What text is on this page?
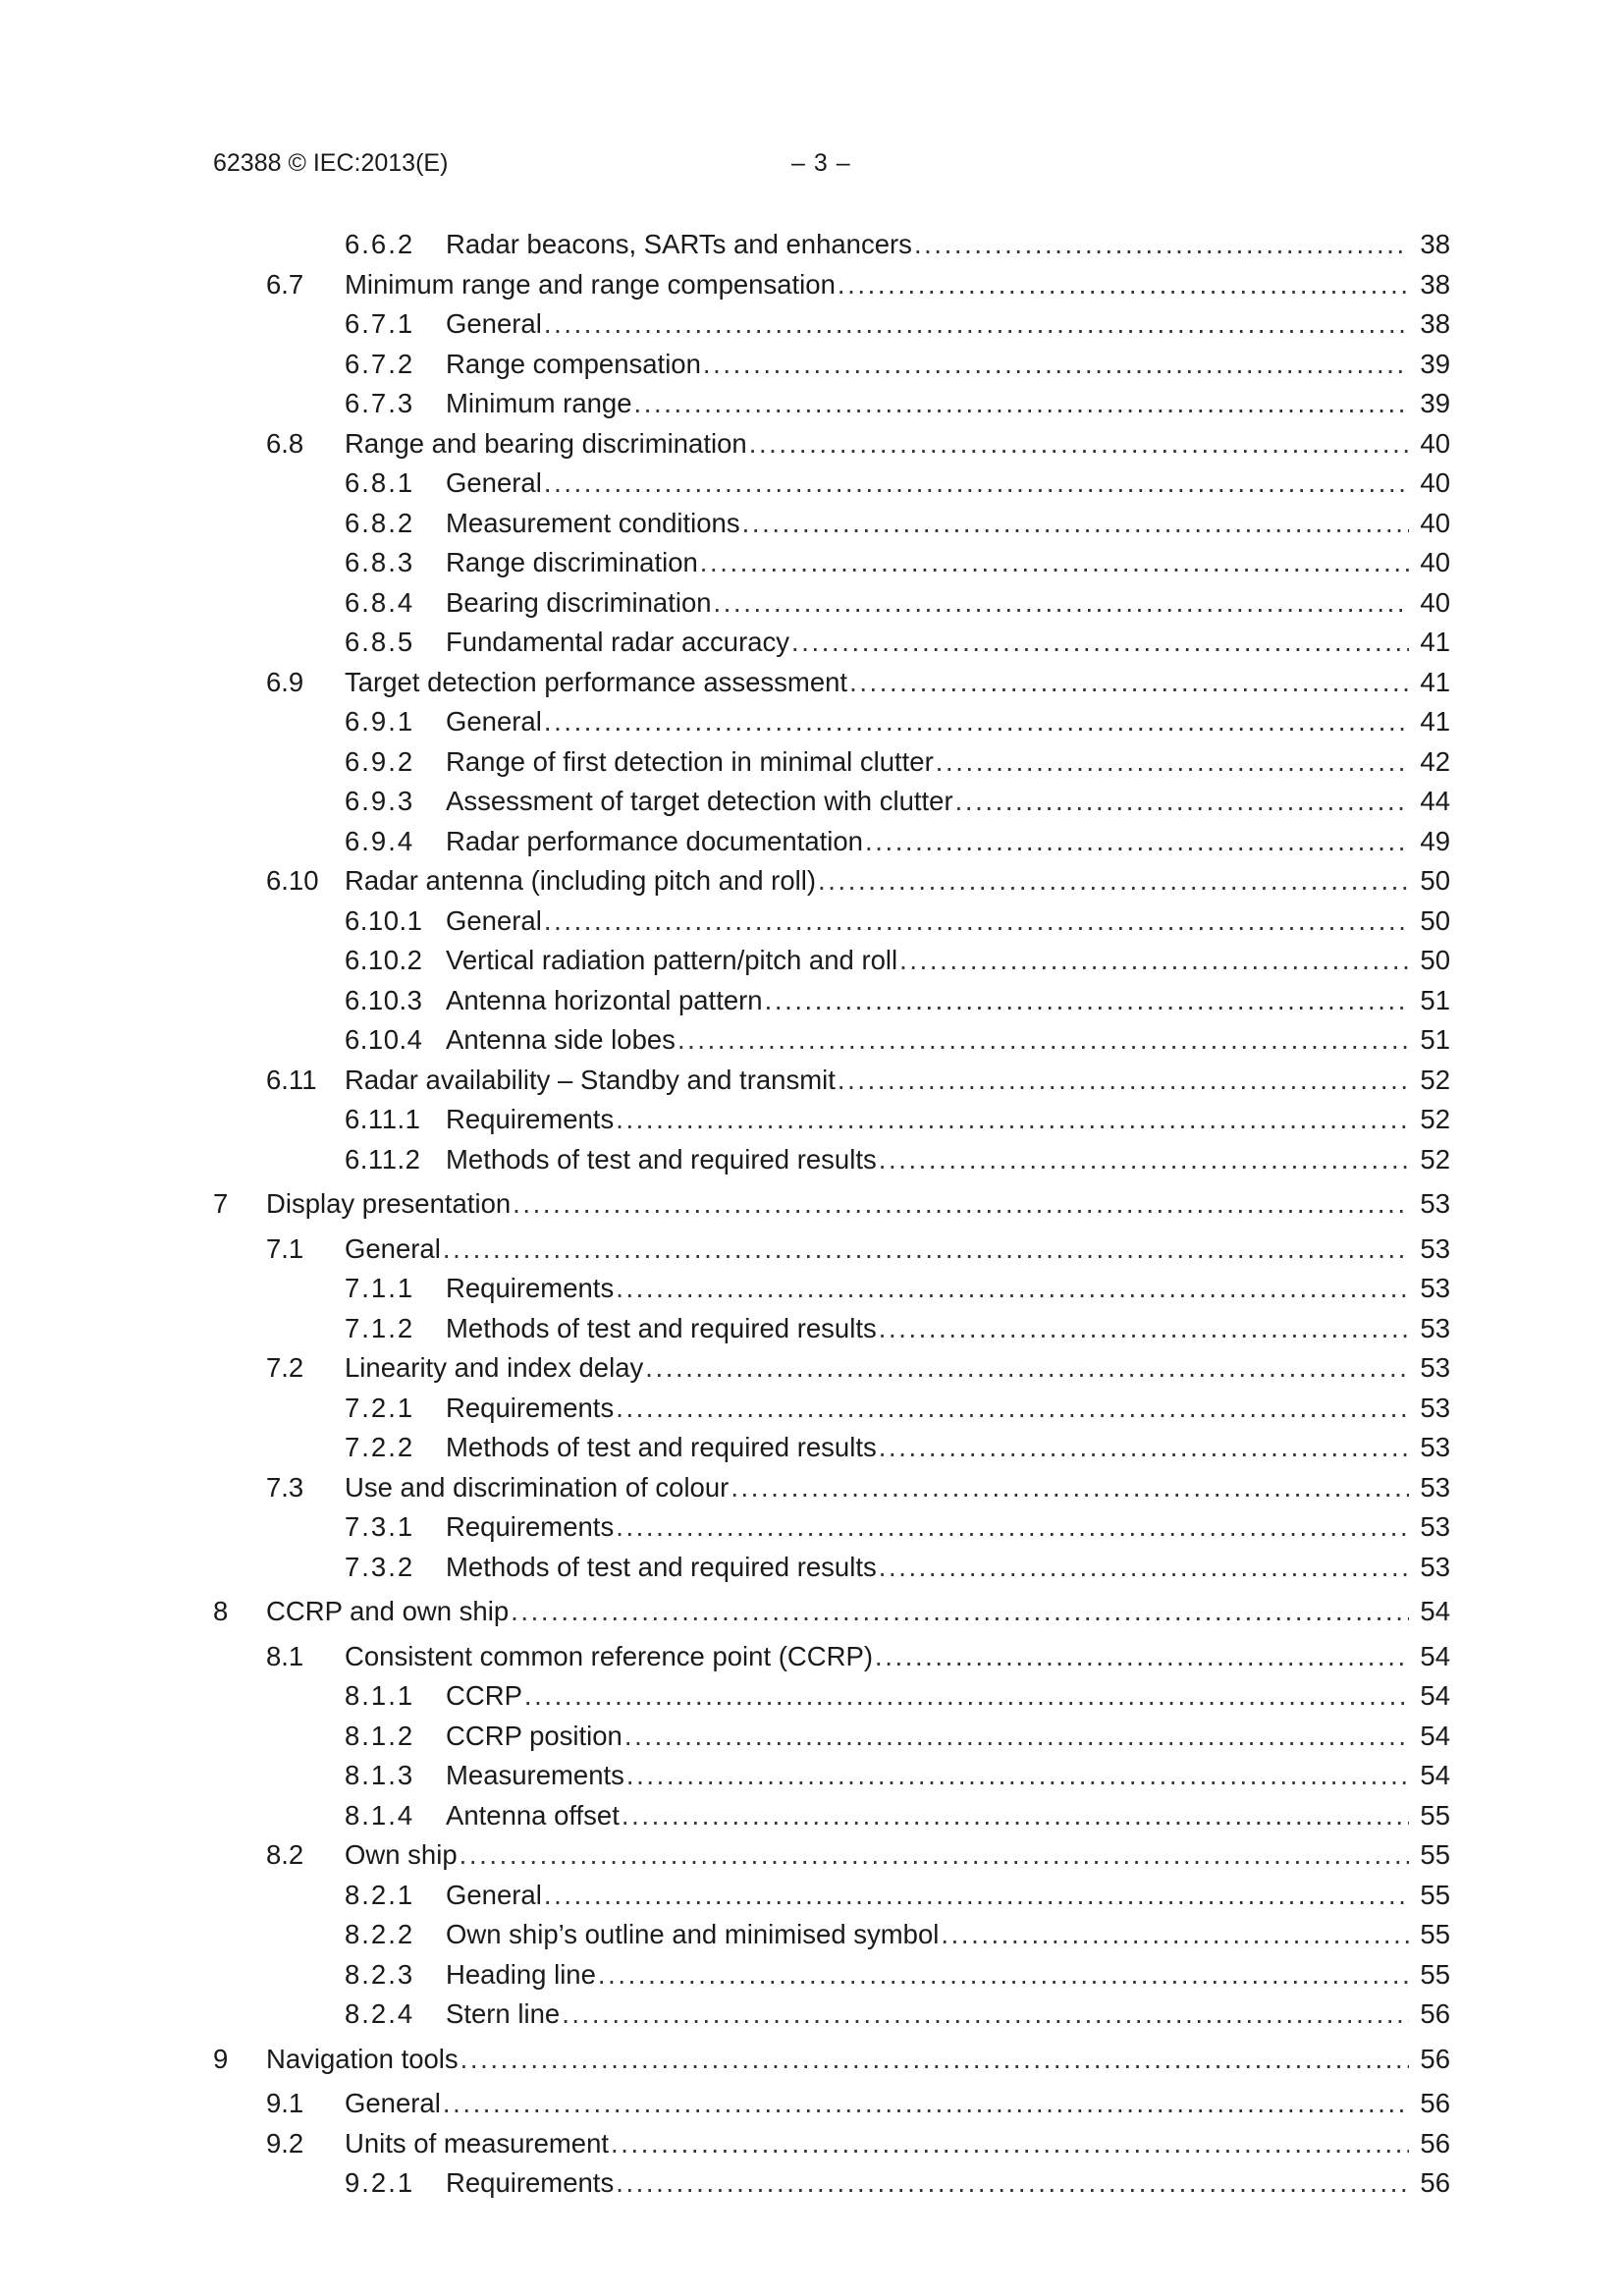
62388 © IEC:2013(E)	– 3 –
6.6.2 Radar beacons, SARTs and enhancers .....	38
6.7 Minimum range and range compensation .....	38
6.7.1 General .....	38
6.7.2 Range compensation .....	39
6.7.3 Minimum range .....	39
6.8 Range and bearing discrimination .....	40
6.8.1 General .....	40
6.8.2 Measurement conditions .....	40
6.8.3 Range discrimination .....	40
6.8.4 Bearing discrimination .....	40
6.8.5 Fundamental radar accuracy .....	41
6.9 Target detection performance assessment .....	41
6.9.1 General .....	41
6.9.2 Range of first detection in minimal clutter .....	42
6.9.3 Assessment of target detection with clutter .....	44
6.9.4 Radar performance documentation .....	49
6.10 Radar antenna (including pitch and roll) .....	50
6.10.1 General .....	50
6.10.2 Vertical radiation pattern/pitch and roll .....	50
6.10.3 Antenna horizontal pattern .....	51
6.10.4 Antenna side lobes .....	51
6.11 Radar availability – Standby and transmit .....	52
6.11.1 Requirements .....	52
6.11.2 Methods of test and required results .....	52
7 Display presentation .....	53
7.1 General .....	53
7.1.1 Requirements .....	53
7.1.2 Methods of test and required results .....	53
7.2 Linearity and index delay .....	53
7.2.1 Requirements .....	53
7.2.2 Methods of test and required results .....	53
7.3 Use and discrimination of colour .....	53
7.3.1 Requirements .....	53
7.3.2 Methods of test and required results .....	53
8 CCRP and own ship .....	54
8.1 Consistent common reference point (CCRP) .....	54
8.1.1 CCRP .....	54
8.1.2 CCRP position .....	54
8.1.3 Measurements .....	54
8.1.4 Antenna offset .....	55
8.2 Own ship .....	55
8.2.1 General .....	55
8.2.2 Own ship’s outline and minimised symbol .....	55
8.2.3 Heading line .....	55
8.2.4 Stern line .....	56
9 Navigation tools .....	56
9.1 General .....	56
9.2 Units of measurement .....	56
9.2.1 Requirements .....	56
